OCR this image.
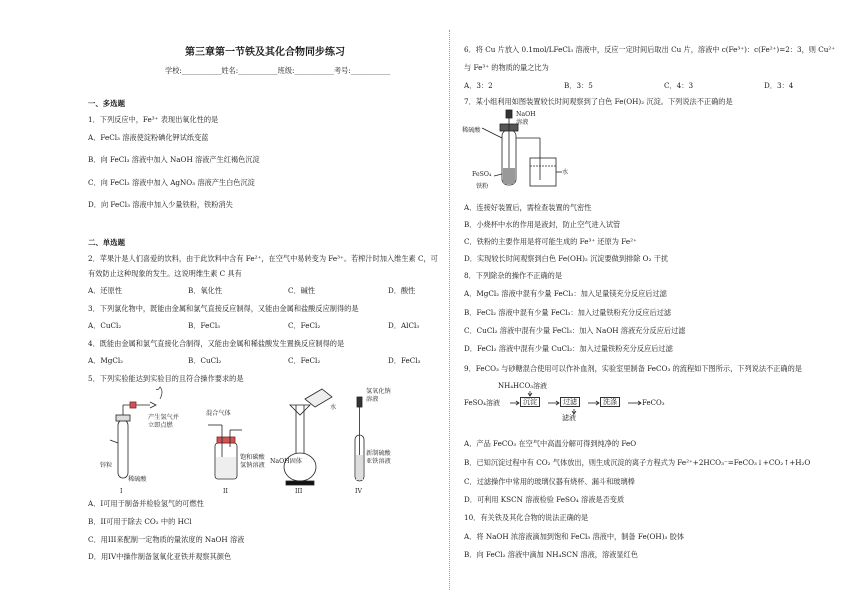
第三章第一节铁及其化合物同步练习
学校:___________姓名:___________班级:___________考号:___________
一、多选题
1．下列反应中，Fe³⁺ 表现出氧化性的是
A．FeCl₃ 溶液使淀粉碘化钾试纸变蓝
B．向 FeCl₃ 溶液中加入 NaOH 溶液产生红褐色沉淀
C．向 FeCl₃ 溶液中加入 AgNO₃ 溶液产生白色沉淀
D．向 FeCl₃ 溶液中加入少量铁粉，铁粉消失
二、单选题
2．苹果汁是人们喜爱的饮料，由于此饮料中含有 Fe²⁺，在空气中易转变为 Fe³⁺。若榨汁时加入维生素 C，可
有效防止这种现象的发生。这说明维生素 C 具有
A．还原性	B．氧化性	C．碱性	D．酸性
3．下列氯化物中，既能由金属和氯气直接反应制得，又能由金属和盐酸反应制得的是
A．CuCl₂	B．FeCl₃	C．FeCl₂	D．AlCl₃
4．既能由金属和氯气直接化合制得，又能由金属和稀盐酸发生置换反应制得的是
A．MgCl₂	B．CuCl₂	C．FeCl₂	D．FeCl₃
5．下列实验能达到实验目的且符合操作要求的是
锌粒
稀硫酸
产生氢气并
立即点燃
混合气体
饱和碳酸
氢钠溶液
水
NaOH固体
氢氧化钠
溶液
新制硫酸
亚铁溶液
I	II	III	IV
A．I可用于制备并检验氢气的可燃性
B．II可用于除去 CO₂ 中的 HCl
C．用III来配制一定物质的量浓度的 NaOH 溶液
D．用IV中操作制备氢氧化亚铁并观察其颜色
6．将 Cu 片放入 0.1mol/LFeCl₃ 溶液中，反应一定时间后取出 Cu 片，溶液中 c(Fe³⁺)：c(Fe²⁺)=2：3，则 Cu²⁺
与 Fe³⁺ 的物质的量之比为
A．3：2	B．3：5	C．4：3	D．3：4
7．某小组利用如图装置较长时间观察到了白色 Fe(OH)₂ 沉淀。下列说法不正确的是
NaOH
溶液
稀硫酸
FeSO₄
铁粉
水
A．连接好装置后，需检查装置的气密性
B．小烧杯中水的作用是液封，防止空气进入试管
C．铁粉的主要作用是将可能生成的 Fe³⁺ 还原为 Fe²⁺
D．实现较长时间观察到白色 Fe(OH)₂ 沉淀要做到排除 O₂ 干扰
8．下列除杂的操作不正确的是
A．MgCl₂ 溶液中混有少量 FeCl₃：加入足量镁充分反应后过滤
B．FeCl₂ 溶液中混有少量 FeCl₃：加入过量铁粉充分反应后过滤
C．CuCl₂ 溶液中混有少量 FeCl₃：加入 NaOH 溶液充分反应后过滤
D．FeCl₂ 溶液中混有少量 CuCl₂：加入过量铁粉充分反应后过滤
9．FeCO₃ 与砂糖混合使用可以作补血剂，实验室里制备 FeCO₃ 的流程如下图所示，下列说法不正确的是
NH₄HCO₃溶液
FeSO₄溶液	沉淀	过滤	洗涤	FeCO₃
滤液
A．产品 FeCO₃ 在空气中高温分解可得到纯净的 FeO
B．已知沉淀过程中有 CO₂ 气体放出，则生成沉淀的离子方程式为 Fe²⁺+2HCO₃⁻=FeCO₃↓+CO₂↑+H₂O
C．过滤操作中常用的玻璃仪器有烧杯、漏斗和玻璃棒
D．可利用 KSCN 溶液检验 FeSO₄ 溶液是否变质
10．有关铁及其化合物的说法正确的是
A．将 NaOH 浓溶液滴加到饱和 FeCl₃ 溶液中，制备 Fe(OH)₃ 胶体
B．向 FeCl₂ 溶液中滴加 NH₄SCN 溶液，溶液显红色
